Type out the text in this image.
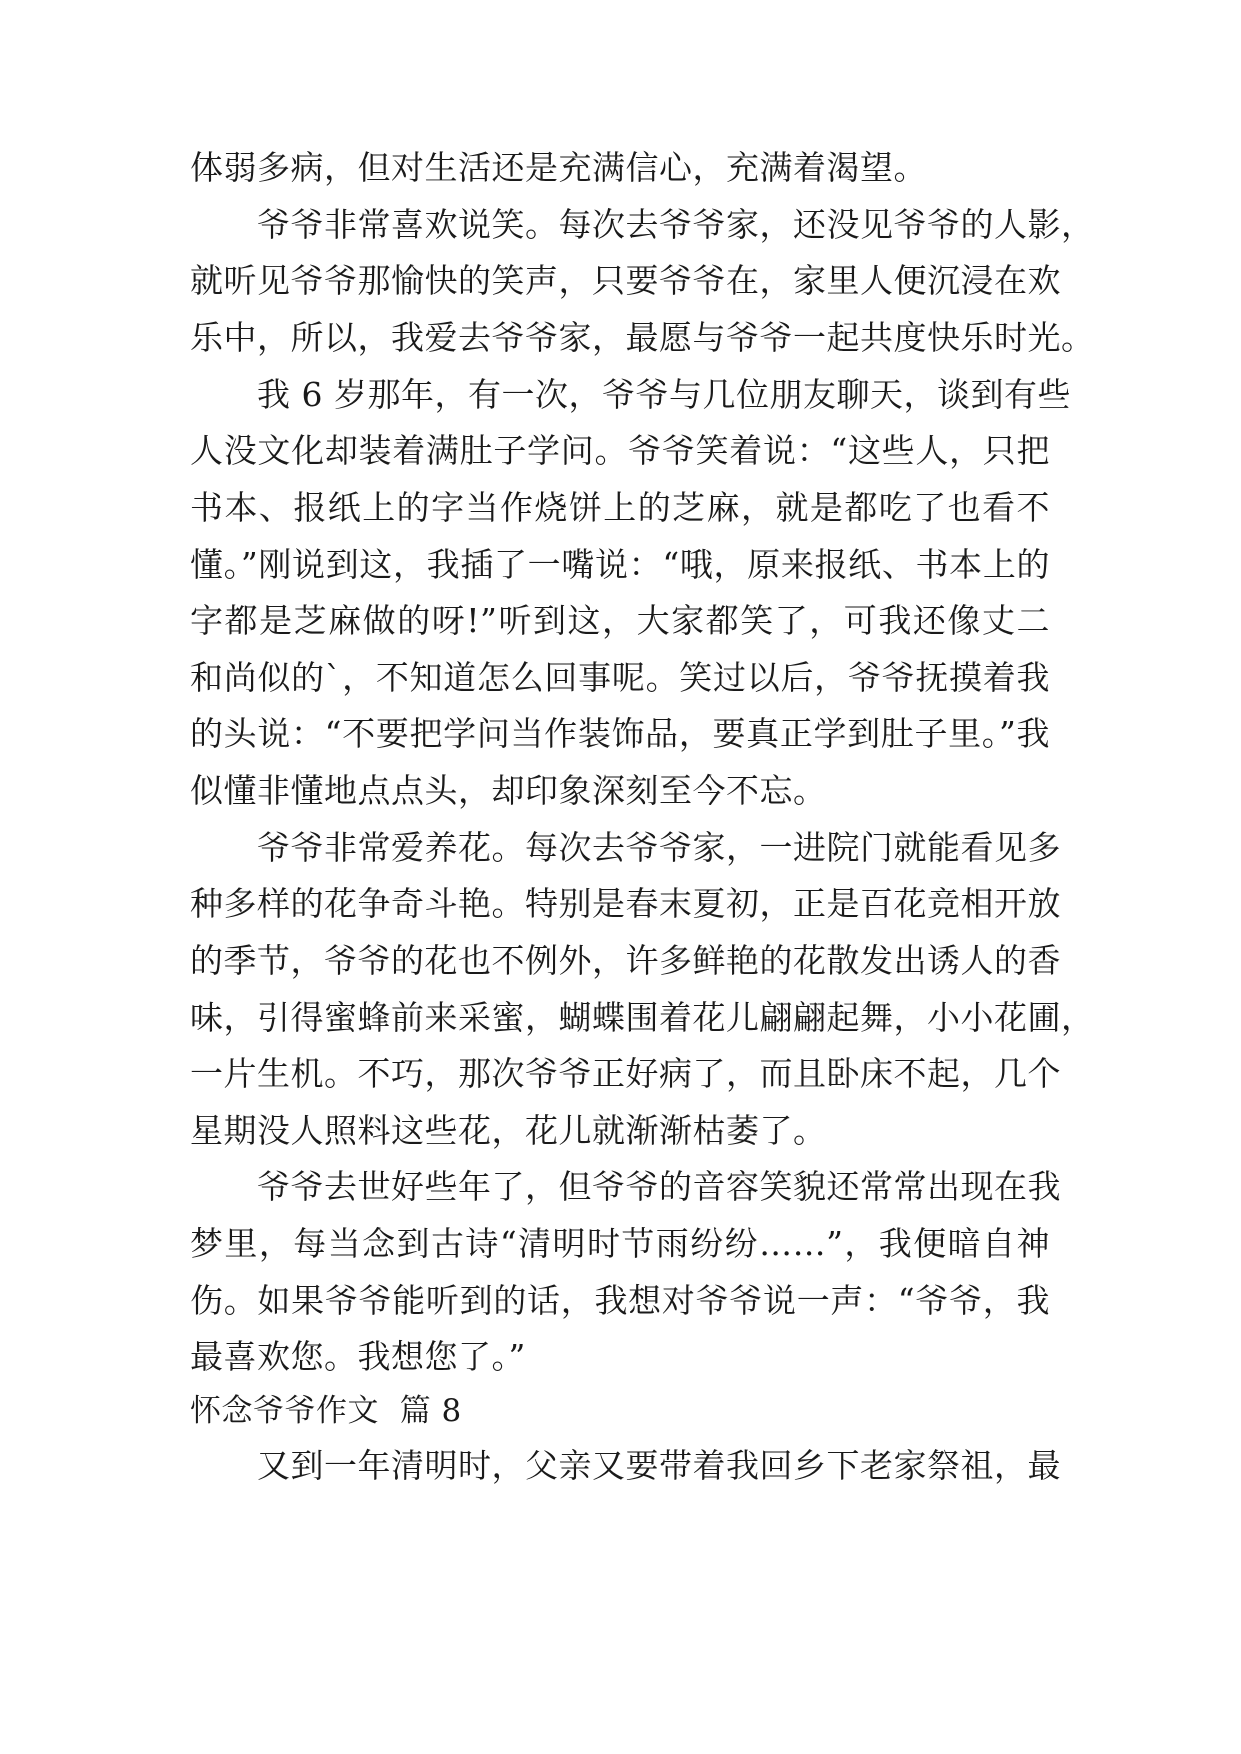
体弱多病，但对生活还是充满信心，充满着渴望。
爷爷非常喜欢说笑。每次去爷爷家，还没见爷爷的人影，
就听见爷爷那愉快的笑声，只要爷爷在，家里人便沉浸在欢
乐中，所以，我爱去爷爷家，最愿与爷爷一起共度快乐时光。
我 6 岁那年，有一次，爷爷与几位朋友聊天，谈到有些
人没文化却装着满肚子学问。爷爷笑着说：“这些人，只把
书本、报纸上的字当作烧饼上的芝麻，就是都吃了也看不
懂。”刚说到这，我插了一嘴说：“哦，原来报纸、书本上的
字都是芝麻做的呀!”听到这，大家都笑了，可我还像丈二
和尚似的`，不知道怎么回事呢。笑过以后，爷爷抚摸着我
的头说：“不要把学问当作装饰品，要真正学到肚子里。”我
似懂非懂地点点头，却印象深刻至今不忘。
爷爷非常爱养花。每次去爷爷家，一进院门就能看见多
种多样的花争奇斗艳。特别是春末夏初，正是百花竞相开放
的季节，爷爷的花也不例外，许多鲜艳的花散发出诱人的香
味，引得蜜蜂前来采蜜，蝴蝶围着花儿翩翩起舞，小小花圃，
一片生机。不巧，那次爷爷正好病了，而且卧床不起，几个
星期没人照料这些花，花儿就渐渐枯萎了。
爷爷去世好些年了，但爷爷的音容笑貌还常常出现在我
梦里，每当念到古诗“清明时节雨纷纷……”，我便暗自神
伤。如果爷爷能听到的话，我想对爷爷说一声：“爷爷，我
最喜欢您。我想您了。”
怀念爷爷作文  篇 8
又到一年清明时，父亲又要带着我回乡下老家祭祖，最
